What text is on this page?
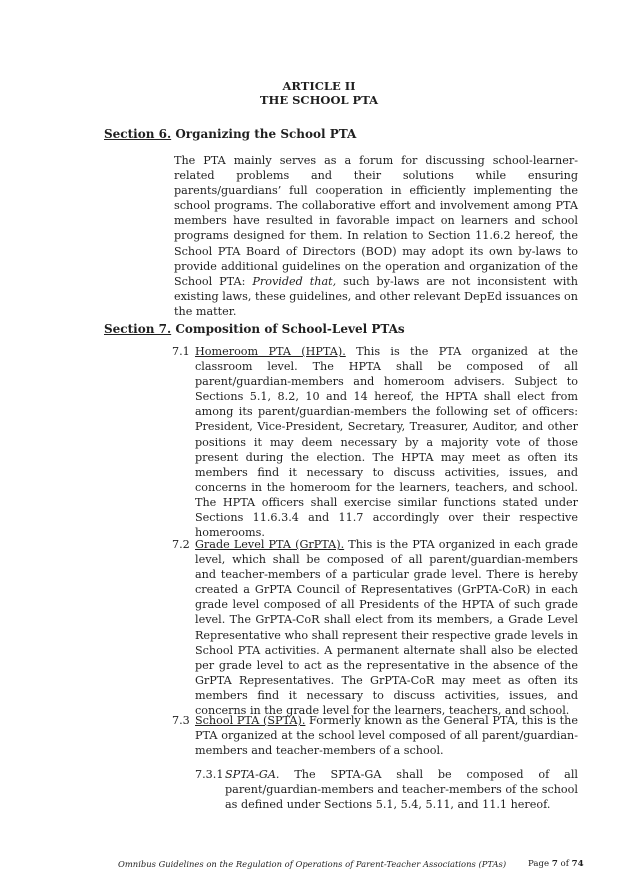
ARTICLE II
THE SCHOOL PTA
Section 6. Organizing the School PTA
The PTA mainly serves as a forum for discussing school-learner-related problems and their solutions while ensuring parents/guardians’ full cooperation in efficiently implementing the school programs. The collaborative effort and involvement among PTA members have resulted in favorable impact on learners and school programs designed for them. In relation to Section 11.6.2 hereof, the School PTA Board of Directors (BOD) may adopt its own by-laws to provide additional guidelines on the operation and organization of the School PTA: Provided that, such by-laws are not inconsistent with existing laws, these guidelines, and other relevant DepEd issuances on the matter.
Section 7. Composition of School-Level PTAs
7.1 Homeroom PTA (HPTA). This is the PTA organized at the classroom level. The HPTA shall be composed of all parent/guardian-members and homeroom advisers. Subject to Sections 5.1, 8.2, 10 and 14 hereof, the HPTA shall elect from among its parent/guardian-members the following set of officers: President, Vice-President, Secretary, Treasurer, Auditor, and other positions it may deem necessary by a majority vote of those present during the election. The HPTA may meet as often its members find it necessary to discuss activities, issues, and concerns in the homeroom for the learners, teachers, and school. The HPTA officers shall exercise similar functions stated under Sections 11.6.3.4 and 11.7 accordingly over their respective homerooms.
7.2 Grade Level PTA (GrPTA). This is the PTA organized in each grade level, which shall be composed of all parent/guardian-members and teacher-members of a particular grade level. There is hereby created a GrPTA Council of Representatives (GrPTA-CoR) in each grade level composed of all Presidents of the HPTA of such grade level. The GrPTA-CoR shall elect from its members, a Grade Level Representative who shall represent their respective grade levels in School PTA activities. A permanent alternate shall also be elected per grade level to act as the representative in the absence of the GrPTA Representatives. The GrPTA-CoR may meet as often its members find it necessary to discuss activities, issues, and concerns in the grade level for the learners, teachers, and school.
7.3 School PTA (SPTA). Formerly known as the General PTA, this is the PTA organized at the school level composed of all parent/guardian-members and teacher-members of a school.
7.3.1 SPTA-GA. The SPTA-GA shall be composed of all parent/guardian-members and teacher-members of the school as defined under Sections 5.1, 5.4, 5.11, and 11.1 hereof.
Omnibus Guidelines on the Regulation of Operations of Parent-Teacher Associations (PTAs)	Page 7 of 74
